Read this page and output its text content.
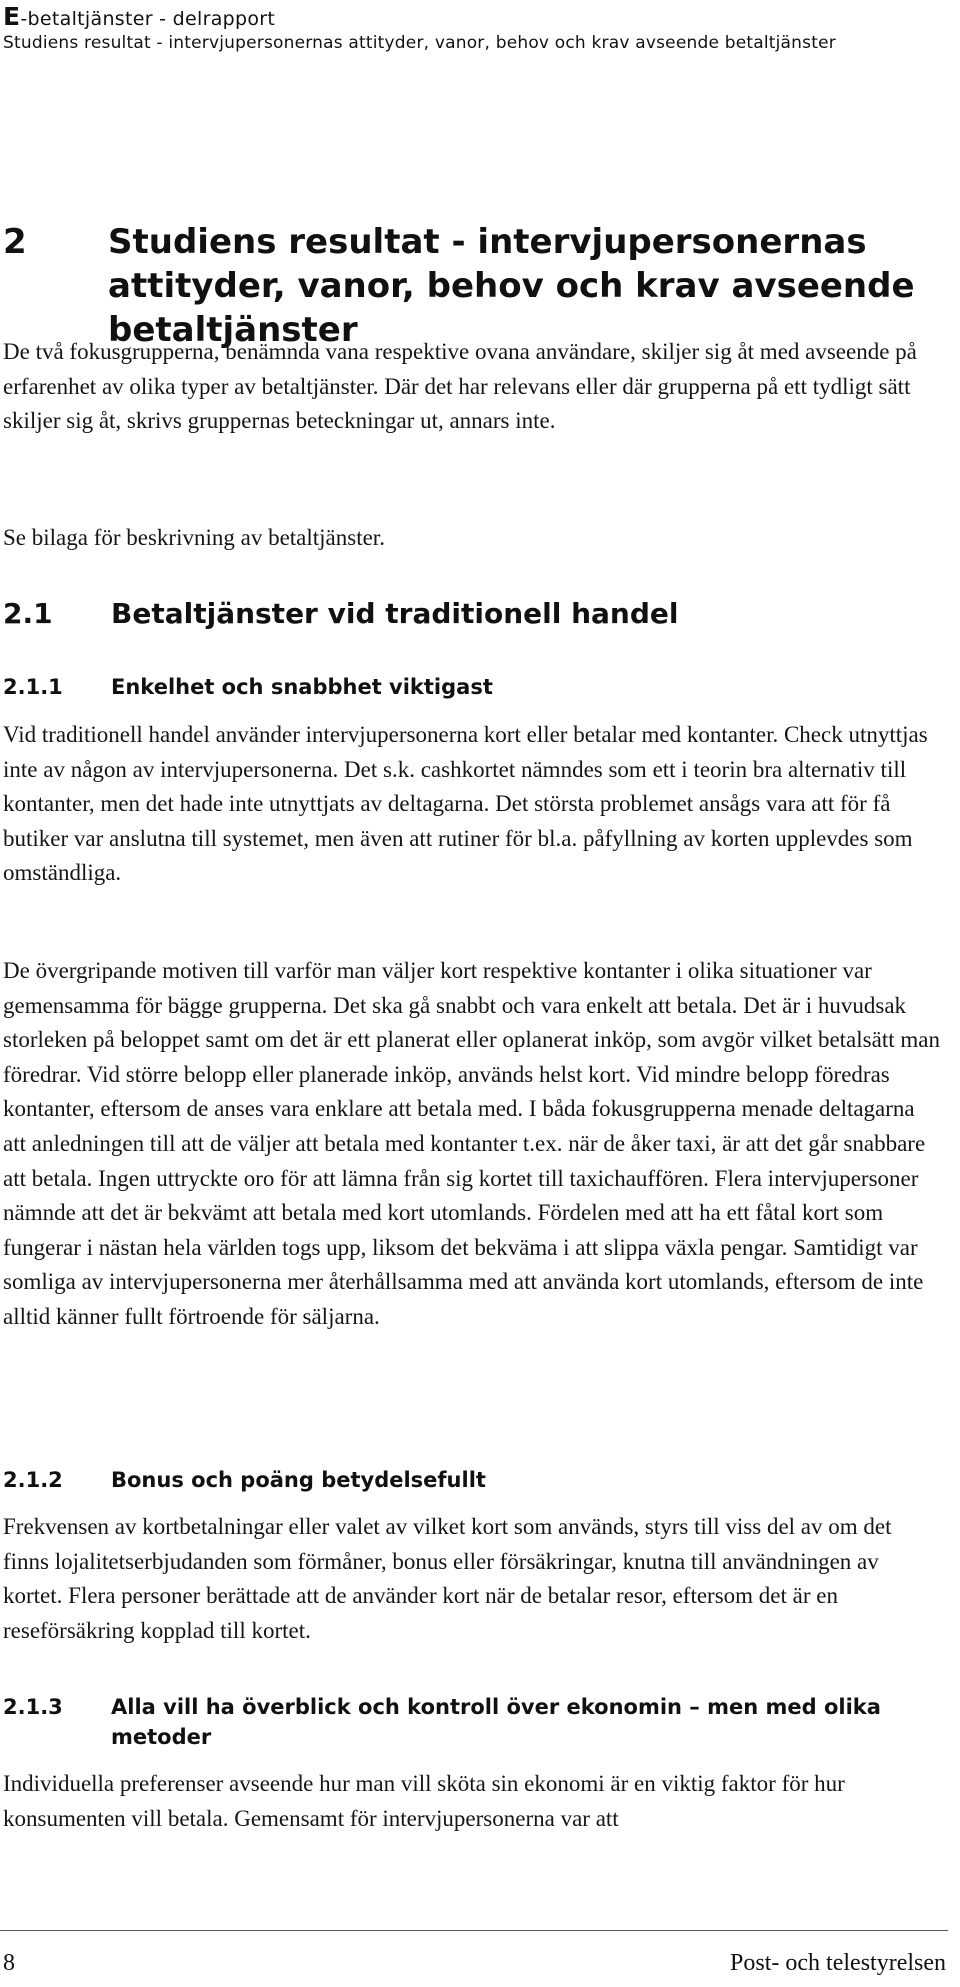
E-betaltjänster - delrapport
Studiens resultat - intervjupersonernas attityder, vanor, behov och krav avseende betaltjänster
2 Studiens resultat - intervjupersonernas attityder, vanor, behov och krav avseende betaltjänster
De två fokusgrupperna, benämnda vana respektive ovana användare, skiljer sig åt med avseende på erfarenhet av olika typer av betaltjänster. Där det har relevans eller där grupperna på ett tydligt sätt skiljer sig åt, skrivs gruppernas beteckningar ut, annars inte.
Se bilaga för beskrivning av betaltjänster.
2.1 Betaltjänster vid traditionell handel
2.1.1 Enkelhet och snabbhet viktigast
Vid traditionell handel använder intervjupersonerna kort eller betalar med kontanter. Check utnyttjas inte av någon av intervjupersonerna. Det s.k. cashkortet nämndes som ett i teorin bra alternativ till kontanter, men det hade inte utnyttjats av deltagarna. Det största problemet ansågs vara att för få butiker var anslutna till systemet, men även att rutiner för bl.a. påfyllning av korten upplevdes som omständliga.
De övergripande motiven till varför man väljer kort respektive kontanter i olika situationer var gemensamma för bägge grupperna. Det ska gå snabbt och vara enkelt att betala. Det är i huvudsak storleken på beloppet samt om det är ett planerat eller oplanerat inköp, som avgör vilket betalsätt man föredrar. Vid större belopp eller planerade inköp, används helst kort. Vid mindre belopp föredras kontanter, eftersom de anses vara enklare att betala med. I båda fokusgrupperna menade deltagarna att anledningen till att de väljer att betala med kontanter t.ex. när de åker taxi, är att det går snabbare att betala. Ingen uttryckte oro för att lämna från sig kortet till taxichauffören. Flera intervjupersoner nämnde att det är bekvämt att betala med kort utomlands. Fördelen med att ha ett fåtal kort som fungerar i nästan hela världen togs upp, liksom det bekväma i att slippa växla pengar. Samtidigt var somliga av intervjupersonerna mer återhållsamma med att använda kort utomlands, eftersom de inte alltid känner fullt förtroende för säljarna.
2.1.2 Bonus och poäng betydelsefullt
Frekvensen av kortbetalningar eller valet av vilket kort som används, styrs till viss del av om det finns lojalitetserbjudanden som förmåner, bonus eller försäkringar, knutna till användningen av kortet. Flera personer berättade att de använder kort när de betalar resor, eftersom det är en reseförsäkring kopplad till kortet.
2.1.3 Alla vill ha överblick och kontroll över ekonomin – men med olika metoder
Individuella preferenser avseende hur man vill sköta sin ekonomi är en viktig faktor för hur konsumenten vill betala. Gemensamt för intervjupersonerna var att
8	Post- och telestyrelsen
